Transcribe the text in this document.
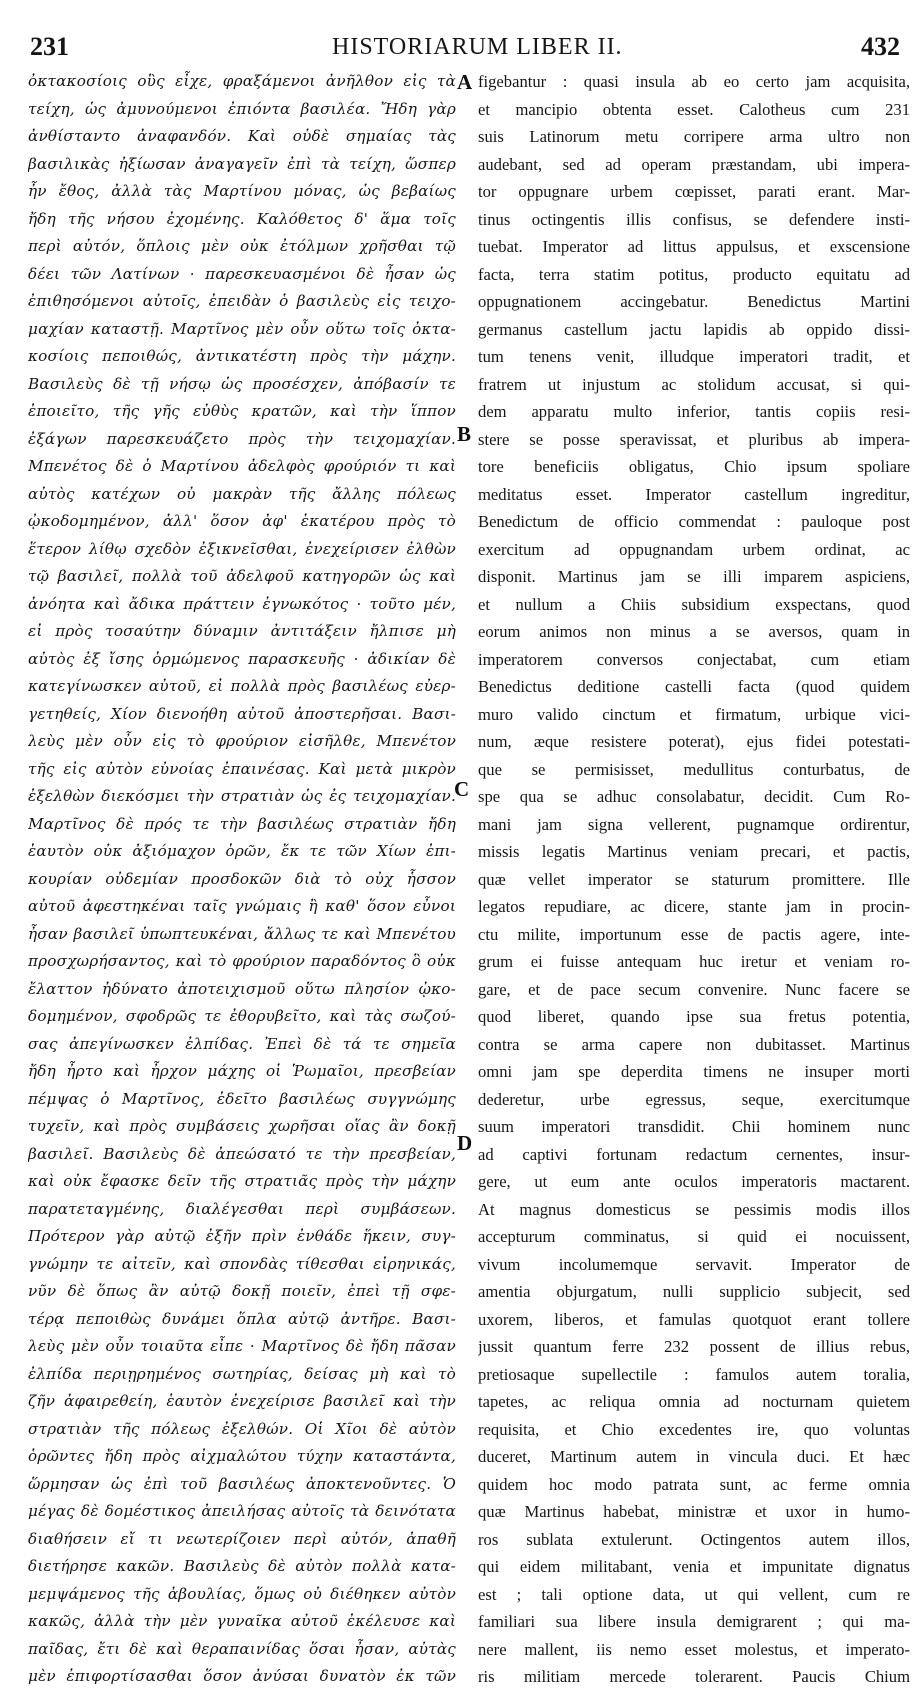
231	HISTORIARUM LIBER II.	432
A
B
C
D
ὀκτακοσίοις οὓς εἶχε, φραξάμενοι ἀνῆλθον εἰς τὰ
τείχη, ὡς ἀμυνούμενοι ἐπιόντα βασιλέα. Ἤδη γὰρ
ἀνθίσταντο ἀναφανδόν. Καὶ οὐδὲ σημαίας τὰς
βασιλικὰς ἠξίωσαν ἀναγαγεῖν ἐπὶ τὰ τείχη, ὥσπερ
ἦν ἔθος, ἀλλὰ τὰς Μαρτίνου μόνας, ὡς βεβαίως
ἤδη τῆς νήσου ἐχομένης. Καλόθετος δ' ἅμα τοῖς
περὶ αὐτόν, ὅπλοις μὲν οὐκ ἐτόλμων χρῆσθαι τῷ
δέει τῶν Λατίνων · παρεσκευασμένοι δὲ ἦσαν ὡς
ἐπιθησόμενοι αὐτοῖς, ἐπειδὰν ὁ βασιλεὺς εἰς τειχο-
μαχίαν καταστῇ. Μαρτῖνος μὲν οὖν οὕτω τοῖς ὀκτα-
κοσίοις πεποιθώς, ἀντικατέστη πρὸς τὴν μάχην.
Βασιλεὺς δὲ τῇ νήσῳ ὡς προσέσχεν, ἀπόβασίν τε
ἐποιεῖτο, τῆς γῆς εὐθὺς κρατῶν, καὶ τὴν ἵππον
ἐξάγων παρεσκευάζετο πρὸς τὴν τειχομαχίαν.
Μπενέτος δὲ ὁ Μαρτίνου ἀδελφὸς φρούριόν τι καὶ
αὐτὸς κατέχων οὐ μακρὰν τῆς ἄλλης πόλεως
ᾠκοδομημένον, ἀλλ' ὅσον ἀφ' ἑκατέρου πρὸς τὸ
ἕτερον λίθῳ σχεδὸν ἐξικνεῖσθαι, ἐνεχείρισεν ἐλθὼν
τῷ βασιλεῖ, πολλὰ τοῦ ἀδελφοῦ κατηγορῶν ὡς καὶ
ἀνόητα καὶ ἄδικα πράττειν ἐγνωκότος · τοῦτο μέν,
εἰ πρὸς τοσαύτην δύναμιν ἀντιτάξειν ἤλπισε μὴ
αὐτὸς ἐξ ἴσης ὁρμώμενος παρασκευῆς · ἀδικίαν δὲ
κατεγίνωσκεν αὐτοῦ, εἰ πολλὰ πρὸς βασιλέως εὐερ-
γετηθείς, Χίον διενοήθη αὐτοῦ ἀποστερῆσαι. Βασι-
λεὺς μὲν οὖν εἰς τὸ φρούριον εἰσῆλθε, Μπενέτον
τῆς εἰς αὐτὸν εὐνοίας ἐπαινέσας. Καὶ μετὰ μικρὸν
ἐξελθὼν διεκόσμει τὴν στρατιὰν ὡς ἐς τειχομαχίαν.
Μαρτῖνος δὲ πρός τε τὴν βασιλέως στρατιὰν ἤδη
ἑαυτὸν οὐκ ἀξιόμαχον ὁρῶν, ἔκ τε τῶν Χίων ἐπι-
κουρίαν οὐδεμίαν προσδοκῶν διὰ τὸ οὐχ ἧσσον
αὐτοῦ ἀφεστηκέναι ταῖς γνώμαις ἢ καθ' ὅσον εὖνοι
ἦσαν βασιλεῖ ὑπωπτευκέναι, ἄλλως τε καὶ Μπενέτου
προσχωρήσαντος, καὶ τὸ φρούριον παραδόντος ὃ οὐκ
ἔλαττον ἠδύνατο ἀποτειχισμοῦ οὕτω πλησίον ᾠκο-
δομημένον, σφοδρῶς τε ἐθορυβεῖτο, καὶ τὰς σωζού-
σας ἀπεγίνωσκεν ἐλπίδας. Ἐπεὶ δὲ τά τε σημεῖα
ἤδη ἦρτο καὶ ἦρχον μάχης οἱ Ῥωμαῖοι, πρεσβείαν
πέμψας ὁ Μαρτῖνος, ἐδεῖτο βασιλέως συγγνώμης
τυχεῖν, καὶ πρὸς συμβάσεις χωρῆσαι οἵας ἂν δοκῇ
βασιλεῖ. Βασιλεὺς δὲ ἀπεώσατό τε τὴν πρεσβείαν,
καὶ οὐκ ἔφασκε δεῖν τῆς στρατιᾶς πρὸς τὴν μάχην
παρατεταγμένης, διαλέγεσθαι περὶ συμβάσεων.
Πρότερον γὰρ αὐτῷ ἐξῆν πρὶν ἐνθάδε ἥκειν, συγ-
γνώμην τε αἰτεῖν, καὶ σπονδὰς τίθεσθαι εἰρηνικάς,
νῦν δὲ ὅπως ἂν αὐτῷ δοκῇ ποιεῖν, ἐπεὶ τῇ σφε-
τέρᾳ πεποιθὼς δυνάμει ὅπλα αὐτῷ ἀντῆρε. Βασι-
λεὺς μὲν οὖν τοιαῦτα εἶπε · Μαρτῖνος δὲ ἤδη πᾶσαν
ἐλπίδα περιῃρημένος σωτηρίας, δείσας μὴ καὶ τὸ
ζῆν ἀφαιρεθείη, ἑαυτὸν ἐνεχείρισε βασιλεῖ καὶ τὴν
στρατιὰν τῆς πόλεως ἐξελθών. Οἱ Χῖοι δὲ αὐτὸν
ὁρῶντες ἤδη πρὸς αἰχμαλώτου τύχην καταστάντα,
ὥρμησαν ὡς ἐπὶ τοῦ βασιλέως ἀποκτενοῦντες. Ὁ
μέγας δὲ δομέστικος ἀπειλήσας αὐτοῖς τὰ δεινότατα
διαθήσειν εἴ τι νεωτερίζοιεν περὶ αὐτόν, ἀπαθῆ
διετήρησε κακῶν. Βασιλεὺς δὲ αὐτὸν πολλὰ κατα-
μεμψάμενος τῆς ἀβουλίας, ὅμως οὐ διέθηκεν αὐτὸν
κακῶς, ἀλλὰ τὴν μὲν γυναῖκα αὐτοῦ ἐκέλευσε καὶ
παῖδας, ἔτι δὲ καὶ θεραπαινίδας ὅσαι ἦσαν, αὐτὰς
μὲν ἐπιφορτίσασθαι ὅσον ἀνύσαι δυνατὸν ἐκ τῶν
figebantur : quasi insula ab eo certo jam acquisita,
et mancipio obtenta esset. Calotheus cum 231
suis Latinorum metu corripere arma ultro non
audebant, sed ad operam præstandam, ubi impera-
tor oppugnare urbem cœpisset, parati erant. Mar-
tinus octingentis illis confisus, se defendere insti-
tuebat. Imperator ad littus appulsus, et exscensione
facta, terra statim potitus, producto equitatu ad
oppugnationem accingebatur. Benedictus Martini
germanus castellum jactu lapidis ab oppido dissi-
tum tenens venit, illudque imperatori tradit, et
fratrem ut injustum ac stolidum accusat, si qui-
dem apparatu multo inferior, tantis copiis resi-
stere se posse speravissat, et pluribus ab impera-
tore beneficiis obligatus, Chio ipsum spoliare
meditatus esset. Imperator castellum ingreditur,
Benedictum de officio commendat : pauloque post
exercitum ad oppugnandam urbem ordinat, ac
disponit. Martinus jam se illi imparem aspiciens,
et nullum a Chiis subsidium exspectans, quod
eorum animos non minus a se aversos, quam in
imperatorem conversos conjectabat, cum etiam
Benedictus deditione castelli facta (quod quidem
muro valido cinctum et firmatum, urbique vici-
num, æque resistere poterat), ejus fidei potestati-
que se permisisset, medullitus conturbatus, de
spe qua se adhuc consolabatur, decidit. Cum Ro-
mani jam signa vellerent, pugnamque ordirentur,
missis legatis Martinus veniam precari, et pactis,
quæ vellet imperator se staturum promittere. Ille
legatos repudiare, ac dicere, stante jam in procin-
ctu milite, importunum esse de pactis agere, inte-
grum ei fuisse antequam huc iretur et veniam ro-
gare, et de pace secum convenire. Nunc facere se
quod liberet, quando ipse sua fretus potentia,
contra se arma capere non dubitasset. Martinus
omni jam spe deperdita timens ne insuper morti
dederetur, urbe egressus, seque, exercitumque
suum imperatori transdidit. Chii hominem nunc
ad captivi fortunam redactum cernentes, insur-
gere, ut eum ante oculos imperatoris mactarent.
At magnus domesticus se pessimis modis illos
accepturum comminatus, si quid ei nocuissent,
vivum incolumemque servavit. Imperator de
amentia objurgatum, nulli supplicio subjecit, sed
uxorem, liberos, et famulas quotquot erant tollere
jussit quantum ferre 232 possent de illius rebus,
pretiosaque supellectile : famulos autem toralia,
tapetes, ac reliqua omnia ad nocturnam quietem
requisita, et Chio excedentes ire, quo voluntas
duceret, Martinum autem in vincula duci. Et hæc
quidem hoc modo patrata sunt, ac ferme omnia
quæ Martinus habebat, ministræ et uxor in humo-
ros sublata extulerunt. Octingentos autem illos,
qui eidem militabant, venia et impunitate dignatus
est ; tali optione data, ut qui vellent, cum re
familiari sua libere insula demigrarent ; qui ma-
nere mallent, iis nemo esset molestus, et imperato-
ris militiam mercede tolerarent. Paucis Chium
